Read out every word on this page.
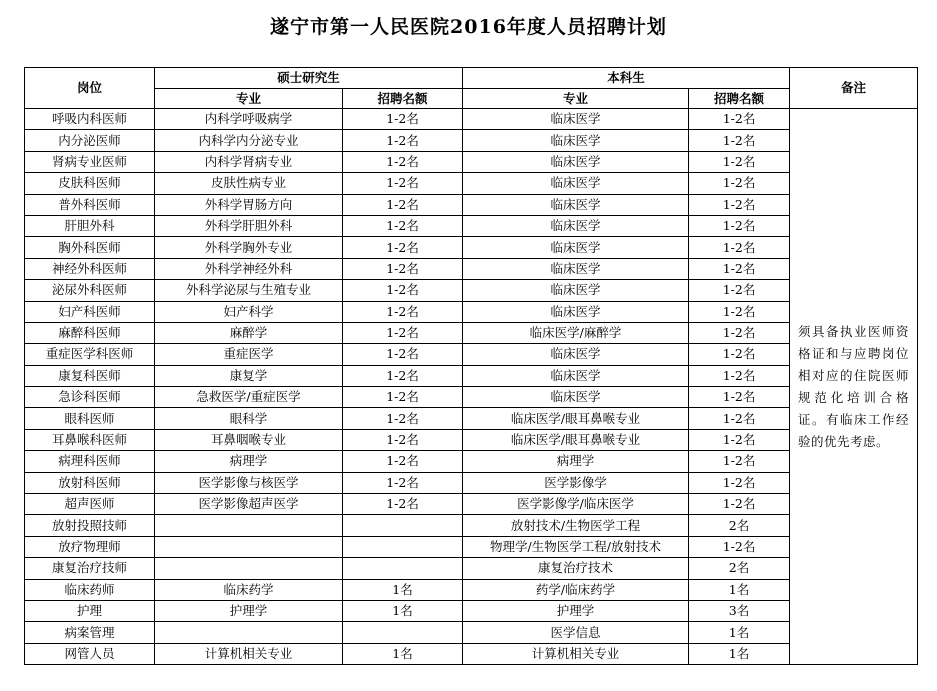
遂宁市第一人民医院2016年度人员招聘计划
岗位	硕士研究生		本科生		备注
	专业	招聘名额	专业	招聘名额	
呼吸内科医师	内科学呼吸病学	1-2名	临床医学	1-2名	须具备执业医师资格证和与应聘岗位相对应的住院医师规范化培训合格证。有临床工作经验的优先考虑。
内分泌医师	内科学内分泌专业	1-2名	临床医学	1-2名	
肾病专业医师	内科学肾病专业	1-2名	临床医学	1-2名	
皮肤科医师	皮肤性病专业	1-2名	临床医学	1-2名	
普外科医师	外科学胃肠方向	1-2名	临床医学	1-2名	
肝胆外科	外科学肝胆外科	1-2名	临床医学	1-2名	
胸外科医师	外科学胸外专业	1-2名	临床医学	1-2名	
神经外科医师	外科学神经外科	1-2名	临床医学	1-2名	
泌尿外科医师	外科学泌尿与生殖专业	1-2名	临床医学	1-2名	
妇产科医师	妇产科学	1-2名	临床医学	1-2名	
麻醉科医师	麻醉学	1-2名	临床医学/麻醉学	1-2名	
重症医学科医师	重症医学	1-2名	临床医学	1-2名	
康复科医师	康复学	1-2名	临床医学	1-2名	
急诊科医师	急救医学/重症医学	1-2名	临床医学	1-2名	
眼科医师	眼科学	1-2名	临床医学/眼耳鼻喉专业	1-2名	
耳鼻喉科医师	耳鼻咽喉专业	1-2名	临床医学/眼耳鼻喉专业	1-2名	
病理科医师	病理学	1-2名	病理学	1-2名	
放射科医师	医学影像与核医学	1-2名	医学影像学	1-2名	
超声医师	医学影像超声医学	1-2名	医学影像学/临床医学	1-2名	
放射投照技师			放射技术/生物医学工程	2名	
放疗物理师			物理学/生物医学工程/放射技术	1-2名	
康复治疗技师			康复治疗技术	2名	
临床药师	临床药学	1名	药学/临床药学	1名	
护理	护理学	1名	护理学	3名	
病案管理			医学信息	1名	
网管人员	计算机相关专业	1名	计算机相关专业	1名	
